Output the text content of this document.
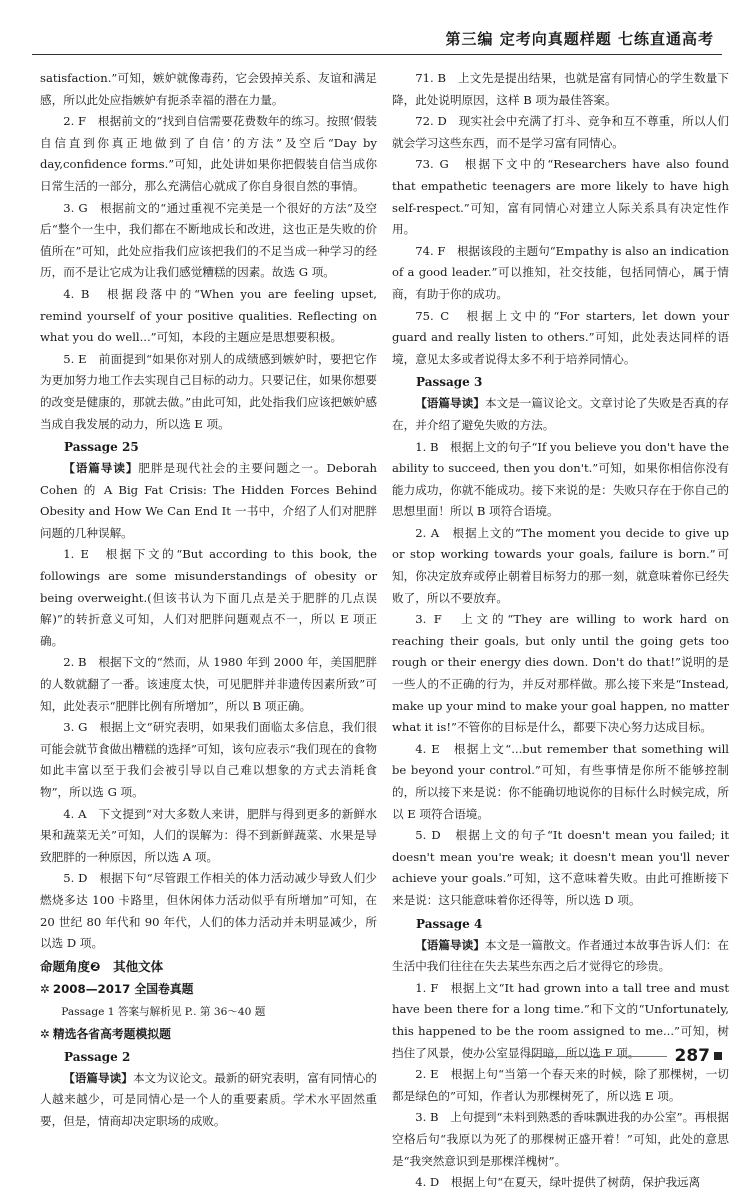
第三编 定考向真题样题 七练直通高考

satisfaction.”可知，嫉妒就像毒药，它会毁掉关系、友谊和满足感，所以此处应指嫉妒有扼杀幸福的潜在力量。

2. F　根据前文的“找到自信需要花费数年的练习。按照‘假装自信直到你真正地做到了自信’的方法”及空后“Day by day,confidence forms.”可知，此处讲如果你把假装自信当成你日常生活的一部分，那么充满信心就成了你自身很自然的事情。

3. G　根据前文的“通过重视不完美是一个很好的方法”及空后“整个一生中，我们都在不断地成长和改进，这也正是失败的价值所在”可知，此处应指我们应该把我们的不足当成一种学习的经历，而不是让它成为让我们感觉糟糕的因素。故选 G 项。

4. B　根据段落中的“When you are feeling upset, remind yourself of your positive qualities. Reflecting on what you do well...”可知，本段的主题应是思想要积极。

5. E　前面提到“如果你对别人的成绩感到嫉妒时，要把它作为更加努力地工作去实现自己目标的动力。只要记住，如果你想要的改变是健康的，那就去做。”由此可知，此处指我们应该把嫉妒感当成自我发展的动力，所以选 E 项。

Passage 25

【语篇导读】肥胖是现代社会的主要问题之一。Deborah Cohen 的 A Big Fat Crisis: The Hidden Forces Behind Obesity and How We Can End It 一书中，介绍了人们对肥胖问题的几种误解。

1. E　根据下文的“But according to this book, the followings are some misunderstandings of obesity or being overweight.(但该书认为下面几点是关于肥胖的几点误解)”的转折意义可知，人们对肥胖问题观点不一，所以 E 项正确。

2. B　根据下文的“然而，从 1980 年到 2000 年，美国肥胖的人数就翻了一番。该速度太快，可见肥胖并非遗传因素所致”可知，此处表示“肥胖比例有所增加”，所以 B 项正确。

3. G　根据上文“研究表明，如果我们面临太多信息，我们很可能会就节食做出糟糕的选择”可知，该句应表示“我们现在的食物如此丰富以至于我们会被引导以自己难以想象的方式去消耗食物”，所以选 G 项。

4. A　下文提到“对大多数人来讲，肥胖与得到更多的新鲜水果和蔬菜无关”可知，人们的误解为：得不到新鲜蔬菜、水果是导致肥胖的一种原因，所以选 A 项。

5. D　根据下句“尽管跟工作相关的体力活动减少导致人们少燃烧多达 100 卡路里，但休闲体力活动似乎有所增加”可知，在 20 世纪 80 年代和 90 年代，人们的体力活动并未明显减少，所以选 D 项。

命题角度❷　其他文体

✲ 2008—2017 全国卷真题

Passage 1 答案与解析见 P.. 第 36～40 题

✲ 精选各省高考题模拟题

Passage 2

【语篇导读】本文为议论文。最新的研究表明，富有同情心的人越来越少，可是同情心是一个人的重要素质。学术水平固然重要，但是，情商却决定职场的成败。

71. B　上文先是提出结果，也就是富有同情心的学生数量下降，此处说明原因，这样 B 项为最佳答案。

72. D　现实社会中充满了打斗、竞争和互不尊重，所以人们就会学习这些东西，而不是学习富有同情心。

73. G　根据下文中的“Researchers have also found that empathetic teenagers are more likely to have high self-respect.”可知，富有同情心对建立人际关系具有决定性作用。

74. F　根据该段的主题句“Empathy is also an indication of a good leader.”可以推知，社交技能，包括同情心，属于情商，有助于你的成功。

75. C　根据上文中的“For starters, let down your guard and really listen to others.”可知，此处表达同样的语境，意见太多或者说得太多不利于培养同情心。

Passage 3

【语篇导读】本文是一篇议论文。文章讨论了失败是否真的存在，并介绍了避免失败的方法。

1. B　根据上文的句子“If you believe you don't have the ability to succeed, then you don't.”可知，如果你相信你没有能力成功，你就不能成功。接下来说的是：失败只存在于你自己的思想里面！所以 B 项符合语境。

2. A　根据上文的“The moment you decide to give up or stop working towards your goals, failure is born.”可知，你决定放弃或停止朝着目标努力的那一刻，就意味着你已经失败了，所以不要放弃。

3. F　上文的“They are willing to work hard on reaching their goals, but only until the going gets too rough or their energy dies down. Don't do that!”说明的是一些人的不正确的行为，并反对那样做。那么接下来是“Instead, make up your mind to make your goal happen, no matter what it is!”不管你的目标是什么，都要下决心努力达成目标。

4. E　根据上文“...but remember that something will be beyond your control.”可知，有些事情是你所不能够控制的，所以接下来是说：你不能确切地说你的目标什么时候完成，所以 E 项符合语境。

5. D　根据上文的句子“It doesn't mean you failed; it doesn't mean you're weak; it doesn't mean you'll never achieve your goals.”可知，这不意味着失败。由此可推断接下来是说：这只能意味着你还得等，所以选 D 项。

Passage 4

【语篇导读】本文是一篇散文。作者通过本故事告诉人们：在生活中我们往往在失去某些东西之后才觉得它的珍贵。

1. F　根据上文“It had grown into a tall tree and must have been there for a long time.”和下文的“Unfortunately, this happened to be the room assigned to me...”可知，树挡住了风景，使办公室显得阴暗，所以选 F 项。

2. E　根据上句“当第一个春天来的时候，除了那棵树，一切都是绿色的”可知，作者认为那棵树死了，所以选 E 项。

3. B　上句提到“未料到熟悉的香味飘进我的办公室”。再根据空格后句“我原以为死了的那棵树正盛开着！”可知，此处的意思是“我突然意识到是那棵洋槐树”。

4. D　根据上句“在夏天，绿叶提供了树荫，保护我远离

287
